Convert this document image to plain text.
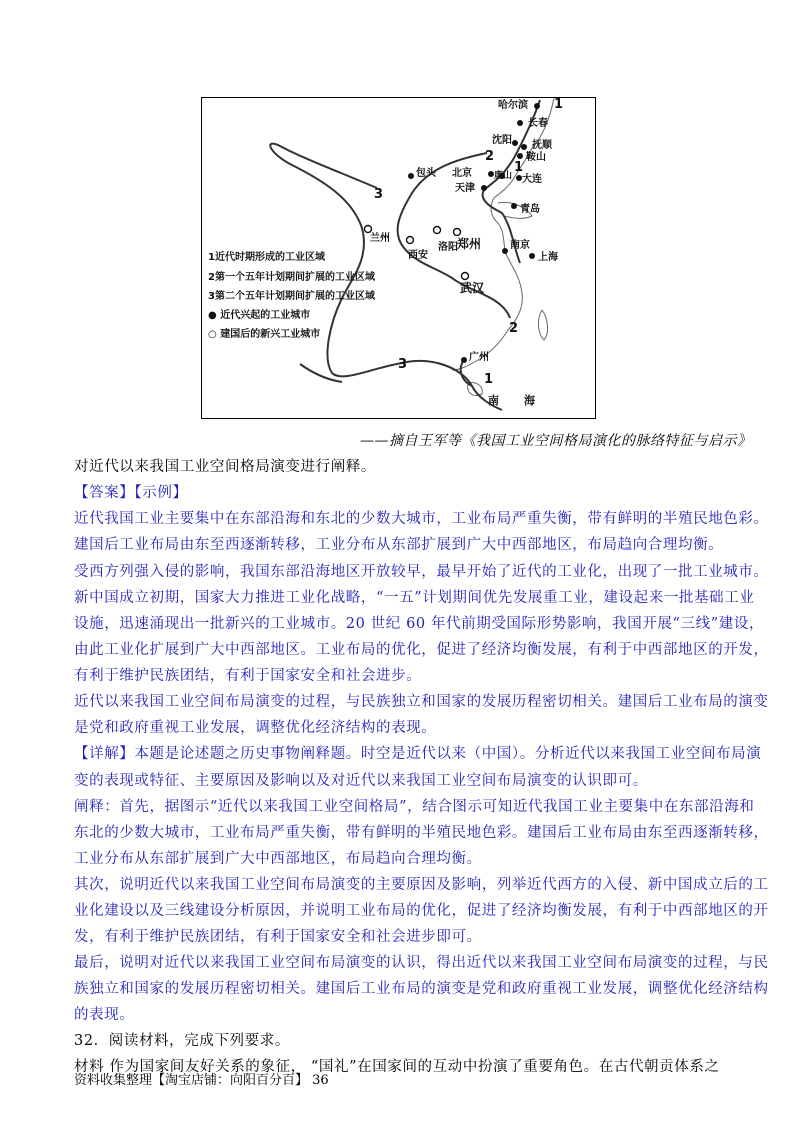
1
2
1
3
2
3
1
哈尔滨
长春
沈阳 抚顺
鞍山
包头 北京 唐山
天津
大连
青岛
兰州
西安
洛阳 郑州	南京
上海
武汉
广州
南 海
1近代时期形成的工业区域
2第一个五年计划期间扩展的工业区域
3第二个五年计划期间扩展的工业区域
● 近代兴起的工业城市
○ 建国后的新兴工业城市
——摘自王军等《我国工业空间格局演化的脉络特征与启示》
对近代以来我国工业空间格局演变进行阐释。
【答案】【示例】
近代我国工业主要集中在东部沿海和东北的少数大城市，工业布局严重失衡，带有鲜明的半殖民地色彩。
建国后工业布局由东至西逐渐转移，工业分布从东部扩展到广大中西部地区，布局趋向合理均衡。
受西方列强入侵的影响，我国东部沿海地区开放较早，最早开始了近代的工业化，出现了一批工业城市。
新中国成立初期，国家大力推进工业化战略，“一五”计划期间优先发展重工业，建设起来一批基础工业
设施，迅速涌现出一批新兴的工业城市。20 世纪 60 年代前期受国际形势影响，我国开展“三线”建设，
由此工业化扩展到广大中西部地区。工业布局的优化，促进了经济均衡发展，有利于中西部地区的开发，
有利于维护民族团结，有利于国家安全和社会进步。
近代以来我国工业空间布局演变的过程，与民族独立和国家的发展历程密切相关。建国后工业布局的演变
是党和政府重视工业发展，调整优化经济结构的表现。
【详解】本题是论述题之历史事物阐释题。时空是近代以来（中国）。分析近代以来我国工业空间布局演
变的表现或特征、主要原因及影响以及对近代以来我国工业空间布局演变的认识即可。
阐释：首先，据图示“近代以来我国工业空间格局”，结合图示可知近代我国工业主要集中在东部沿海和
东北的少数大城市，工业布局严重失衡，带有鲜明的半殖民地色彩。建国后工业布局由东至西逐渐转移，
工业分布从东部扩展到广大中西部地区，布局趋向合理均衡。
其次，说明近代以来我国工业空间布局演变的主要原因及影响，列举近代西方的入侵、新中国成立后的工
业化建设以及三线建设分析原因，并说明工业布局的优化，促进了经济均衡发展，有利于中西部地区的开
发，有利于维护民族团结，有利于国家安全和社会进步即可。
最后，说明对近代以来我国工业空间布局演变的认识，得出近代以来我国工业空间布局演变的过程，与民
族独立和国家的发展历程密切相关。建国后工业布局的演变是党和政府重视工业发展，调整优化经济结构
的表现。
32．阅读材料，完成下列要求。
材料 作为国家间友好关系的象征， “国礼”在国家间的互动中扮演了重要角色。在古代朝贡体系之
资料收集整理【淘宝店铺：向阳百分百】 36
